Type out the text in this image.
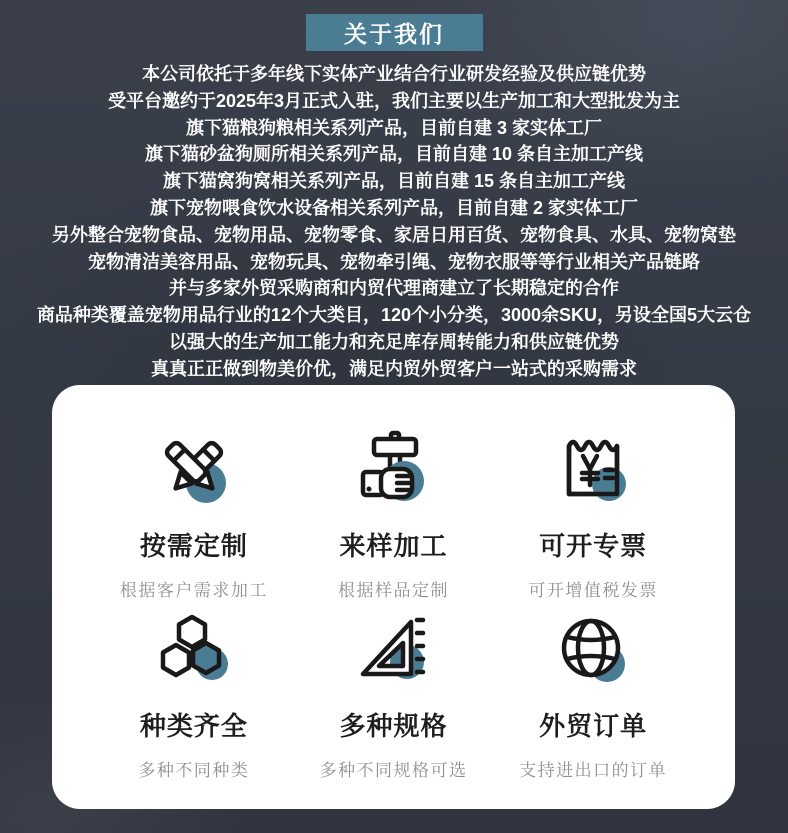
关于我们
本公司依托于多年线下实体产业结合行业研发经验及供应链优势
受平台邀约于2025年3月正式入驻，我们主要以生产加工和大型批发为主
旗下猫粮狗粮相关系列产品，目前自建 3 家实体工厂
旗下猫砂盆狗厕所相关系列产品，目前自建 10 条自主加工产线
旗下猫窝狗窝相关系列产品，目前自建 15 条自主加工产线
旗下宠物喂食饮水设备相关系列产品，目前自建 2 家实体工厂
另外整合宠物食品、宠物用品、宠物零食、家居日用百货、宠物食具、水具、宠物窝垫
宠物清洁美容用品、宠物玩具、宠物牵引绳、宠物衣服等等行业相关产品链路
并与多家外贸采购商和内贸代理商建立了长期稳定的合作
商品种类覆盖宠物用品行业的12个大类目，120个小分类，3000余SKU，另设全国5大云仓
以强大的生产加工能力和充足库存周转能力和供应链优势
真真正正做到物美价优，满足内贸外贸客户一站式的采购需求
按需定制
根据客户需求加工
来样加工
根据样品定制
可开专票
可开增值税发票
种类齐全
多种不同种类
多种规格
多种不同规格可选
外贸订单
支持进出口的订单
